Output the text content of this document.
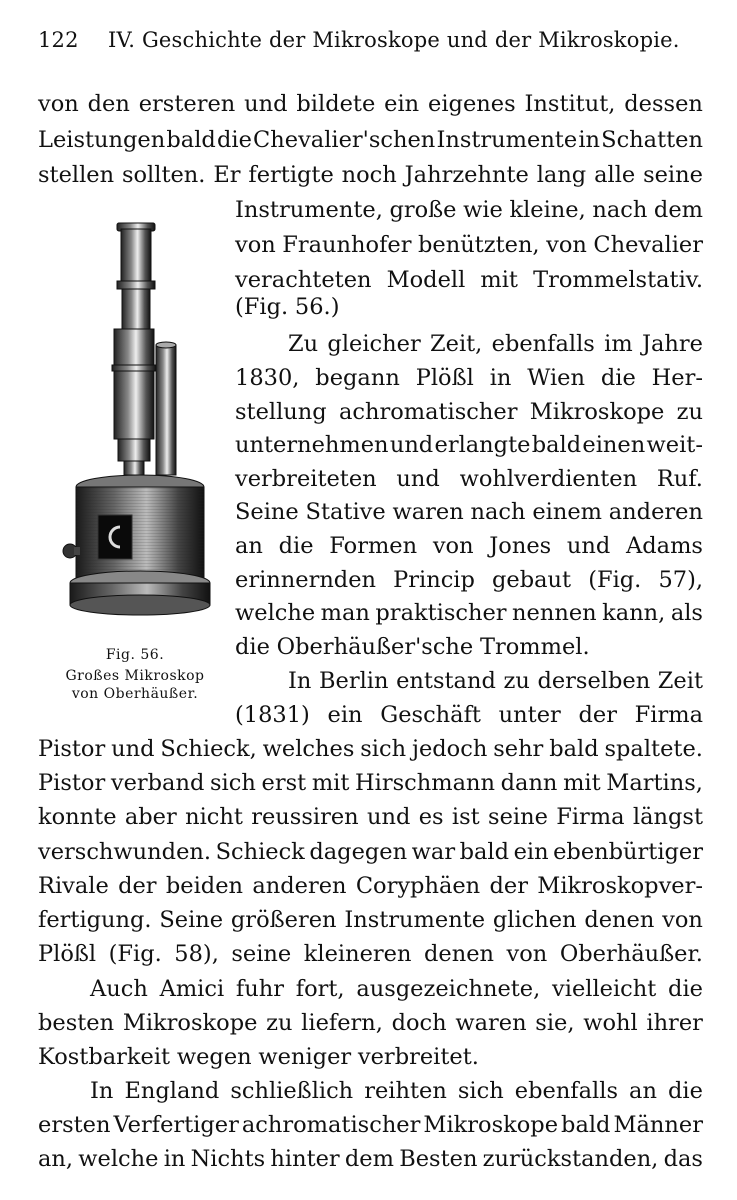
122 IV. Geschichte der Mikroskope und der Mikroskopie.
von den ersteren und bildete ein eigenes Institut, dessen
Leistungen bald die Chevalier'schen Instrumente in Schatten
stellen sollten. Er fertigte noch Jahrzehnte lang alle seine
Instrumente, große wie kleine, nach dem
von Fraunhofer benützten, von Chevalier
verachteten Modell mit Trommelstativ.
(Fig. 56.)
Zu gleicher Zeit, ebenfalls im Jahre
1830, begann Plößl in Wien die Her-
stellung achromatischer Mikroskope zu
unternehmen und erlangte bald einen weit-
verbreiteten und wohlverdienten Ruf.
Seine Stative waren nach einem anderen
an die Formen von Jones und Adams
erinnernden Princip gebaut (Fig. 57),
welche man praktischer nennen kann, als
die Oberhäußer'sche Trommel.
In Berlin entstand zu derselben Zeit
(1831) ein Geschäft unter der Firma
Pistor und Schieck, welches sich jedoch sehr bald spaltete.
Pistor verband sich erst mit Hirschmann dann mit Martins,
konnte aber nicht reussiren und es ist seine Firma längst
verschwunden. Schieck dagegen war bald ein ebenbürtiger
Rivale der beiden anderen Coryphäen der Mikroskopver-
fertigung. Seine größeren Instrumente glichen denen von
Plößl (Fig. 58), seine kleineren denen von Oberhäußer.
Auch Amici fuhr fort, ausgezeichnete, vielleicht die
besten Mikroskope zu liefern, doch waren sie, wohl ihrer
Kostbarkeit wegen weniger verbreitet.
In England schließlich reihten sich ebenfalls an die
ersten Verfertiger achromatischer Mikroskope bald Männer
an, welche in Nichts hinter dem Besten zurückstanden, das
Fig. 56.
Großes Mikroskop
von Oberhäußer.
